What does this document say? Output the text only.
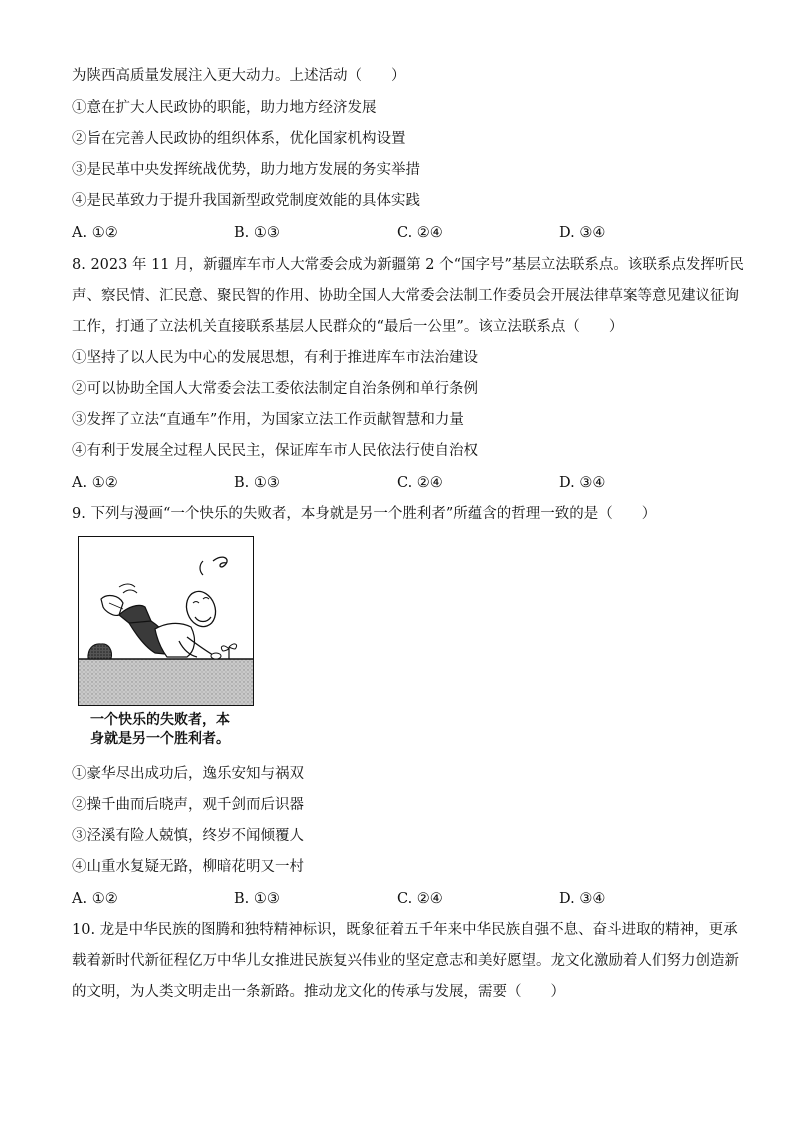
为陕西高质量发展注入更大动力。上述活动（　　）
①意在扩大人民政协的职能，助力地方经济发展
②旨在完善人民政协的组织体系，优化国家机构设置
③是民革中央发挥统战优势，助力地方发展的务实举措
④是民革致力于提升我国新型政党制度效能的具体实践
A. ①②	B. ①③	C. ②④	D. ③④
8. 2023 年 11 月，新疆库车市人大常委会成为新疆第 2 个“国字号”基层立法联系点。该联系点发挥听民
声、察民情、汇民意、聚民智的作用、协助全国人大常委会法制工作委员会开展法律草案等意见建议征询
工作，打通了立法机关直接联系基层人民群众的“最后一公里”。该立法联系点（　　）
①坚持了以人民为中心的发展思想，有利于推进库车市法治建设
②可以协助全国人大常委会法工委依法制定自治条例和单行条例
③发挥了立法“直通车”作用，为国家立法工作贡献智慧和力量
④有利于发展全过程人民民主，保证库车市人民依法行使自治权
A. ①②	B. ①③	C. ②④	D. ③④
9. 下列与漫画“一个快乐的失败者，本身就是另一个胜利者”所蕴含的哲理一致的是（　　）
一个快乐的失败者，本
身就是另一个胜利者。
①豪华尽出成功后，逸乐安知与祸双
②操千曲而后晓声，观千剑而后识器
③泾溪有险人兢慎，终岁不闻倾覆人
④山重水复疑无路，柳暗花明又一村
A. ①②	B. ①③	C. ②④	D. ③④
10. 龙是中华民族的图腾和独特精神标识，既象征着五千年来中华民族自强不息、奋斗进取的精神，更承
载着新时代新征程亿万中华儿女推进民族复兴伟业的坚定意志和美好愿望。龙文化激励着人们努力创造新
的文明，为人类文明走出一条新路。推动龙文化的传承与发展，需要（　　）
